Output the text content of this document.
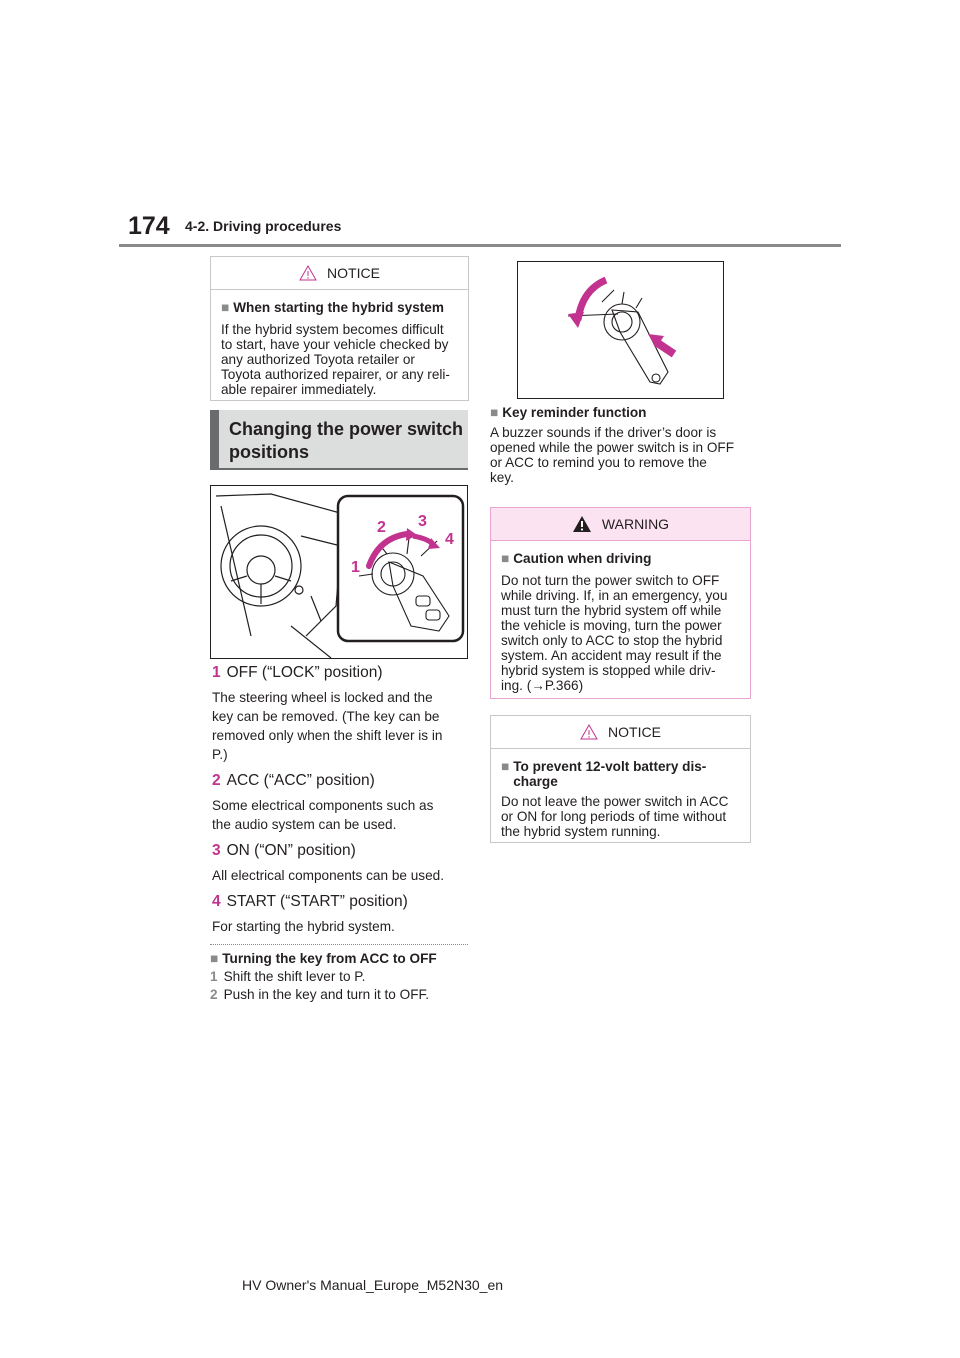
174 4-2. Driving procedures
NOTICE
■ When starting the hybrid system
If the hybrid system becomes difficult
to start, have your vehicle checked by
any authorized Toyota retailer or
Toyota authorized repairer, or any reli-
able repairer immediately.
Changing the power switch
positions
1
2 3
4
1 OFF (“LOCK” position)
The steering wheel is locked and the
key can be removed. (The key can be
removed only when the shift lever is in
P.)
2 ACC (“ACC” position)
Some electrical components such as
the audio system can be used.
3 ON (“ON” position)
All electrical components can be used.
4 START (“START” position)
For starting the hybrid system.
■ Turning the key from ACC to OFF
1 Shift the shift lever to P.
2 Push in the key and turn it to OFF.
■ Key reminder function
A buzzer sounds if the driver’s door is
opened while the power switch is in OFF
or ACC to remind you to remove the
key.
WARNING
■ Caution when driving
Do not turn the power switch to OFF
while driving. If, in an emergency, you
must turn the hybrid system off while
the vehicle is moving, turn the power
switch only to ACC to stop the hybrid
system. An accident may result if the
hybrid system is stopped while driv-
ing. (→P.366)
NOTICE
■ To prevent 12-volt battery dis-
charge
Do not leave the power switch in ACC
or ON for long periods of time without
the hybrid system running.
HV Owner's Manual_Europe_M52N30_en
